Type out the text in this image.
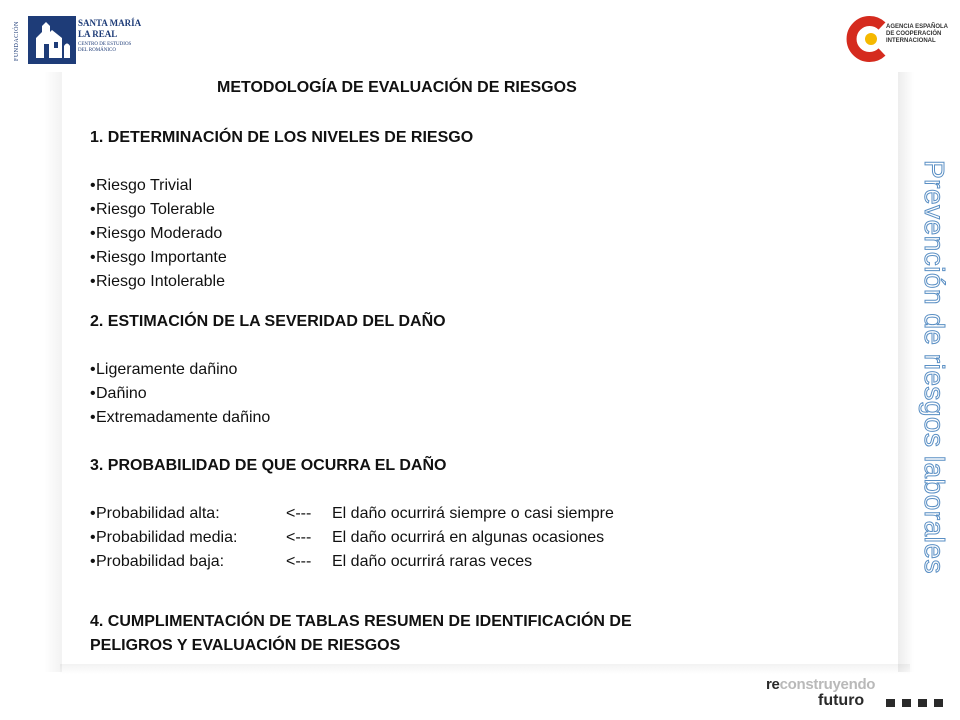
FUNDACIÓN	SANTA MARÍA
LA REAL
CENTRO DE ESTUDIOS DEL ROMÁNICO
AGENCIA ESPAÑOLA DE COOPERACIÓN INTERNACIONAL
METODOLOGÍA DE EVALUACIÓN DE RIESGOS
1. DETERMINACIÓN DE LOS NIVELES DE RIESGO
•Riesgo Trivial
•Riesgo Tolerable
•Riesgo Moderado
•Riesgo Importante
•Riesgo Intolerable
2. ESTIMACIÓN DE LA SEVERIDAD DEL DAÑO
•Ligeramente dañino
•Dañino
•Extremadamente dañino
3. PROBABILIDAD DE QUE OCURRA EL DAÑO
•Probabilidad alta:	<--- El daño ocurrirá siempre o casi siempre
•Probabilidad media:	<--- El daño ocurrirá en algunas ocasiones
•Probabilidad baja:	<--- El daño ocurrirá raras veces
4. CUMPLIMENTACIÓN DE TABLAS RESUMEN DE IDENTIFICACIÓN DE
PELIGROS Y EVALUACIÓN DE RIESGOS
Prevención de riesgos laborales
reconstruyendo
futuro
